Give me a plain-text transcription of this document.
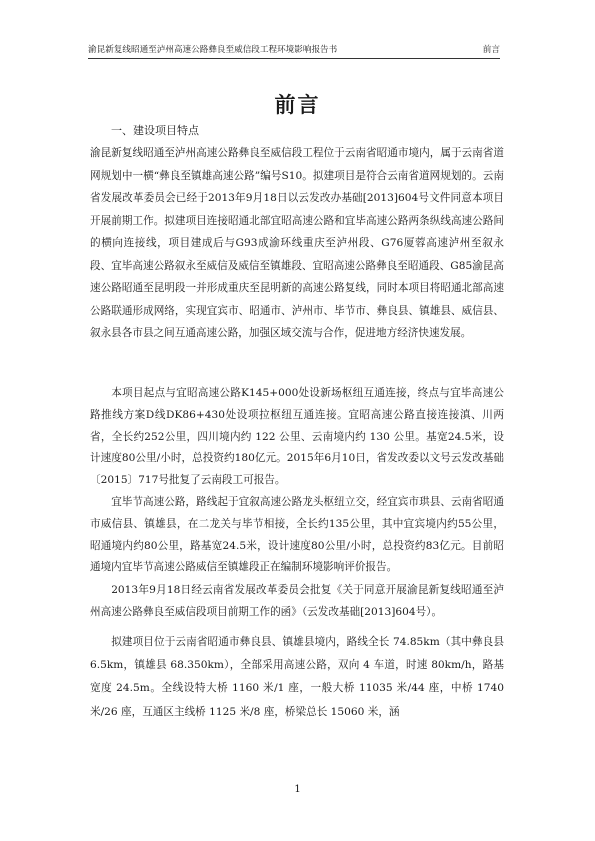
渝昆新复线昭通至泸州高速公路彝良至威信段工程环境影响报告书	前言
前言
一、建设项目特点

渝昆新复线昭通至泸州高速公路彝良至威信段工程位于云南省昭通市境内，属于云南省道网规划中一横“彝良至镇雄高速公路”编号S10。拟建项目是符合云南省道网规划的。云南省发展改革委员会已经于2013年9月18日以云发改办基础[2013]604号文件同意本项目开展前期工作。拟建项目连接昭通北部宜昭高速公路和宜毕高速公路两条纵线高速公路间的横向连接线，项目建成后与G93成渝环线重庆至泸州段、G76厦蓉高速泸州至叙永段、宜毕高速公路叙永至威信及威信至镇雄段、宜昭高速公路彝良至昭通段、G85渝昆高速公路昭通至昆明段一并形成重庆至昆明新的高速公路复线，同时本项目将昭通北部高速公路联通形成网络，实现宜宾市、昭通市、泸州市、毕节市、彝良县、镇雄县、威信县、叙永县各市县之间互通高速公路，加强区域交流与合作，促进地方经济快速发展。

本项目起点与宜昭高速公路K145+000处设新场枢纽互通连接，终点与宜毕高速公路推线方案D线DK86+430处设项拉枢纽互通连接。宜昭高速公路直接连接滇、川两省，全长约252公里，四川境内约 122 公里、云南境内约 130 公里。基宽24.5米，设计速度80公里/小时，总投资约180亿元。2015年6月10日，省发改委以文号云发改基础〔2015〕717号批复了云南段工可报告。

宜毕节高速公路，路线起于宜叙高速公路龙头枢纽立交，经宜宾市珙县、云南省昭通市威信县、镇雄县，在二龙关与毕节相接，全长约135公里，其中宜宾境内约55公里，昭通境内约80公里，路基宽24.5米，设计速度80公里/小时，总投资约83亿元。目前昭通境内宜毕节高速公路威信至镇雄段正在编制环境影响评价报告。

2013年9月18日经云南省发展改革委员会批复《关于同意开展渝昆新复线昭通至泸州高速公路彝良至威信段项目前期工作的函》（云发改基础[2013]604号）。

拟建项目位于云南省昭通市彝良县、镇雄县境内，路线全长 74.85km（其中彝良县 6.5km，镇雄县 68.350km），全部采用高速公路，双向 4 车道，时速 80km/h，路基宽度 24.5m。全线设特大桥 1160 米/1 座，一般大桥 11035 米/44 座，中桥 1740 米/26 座，互通区主线桥 1125 米/8 座，桥梁总长 15060 米，涵

1
